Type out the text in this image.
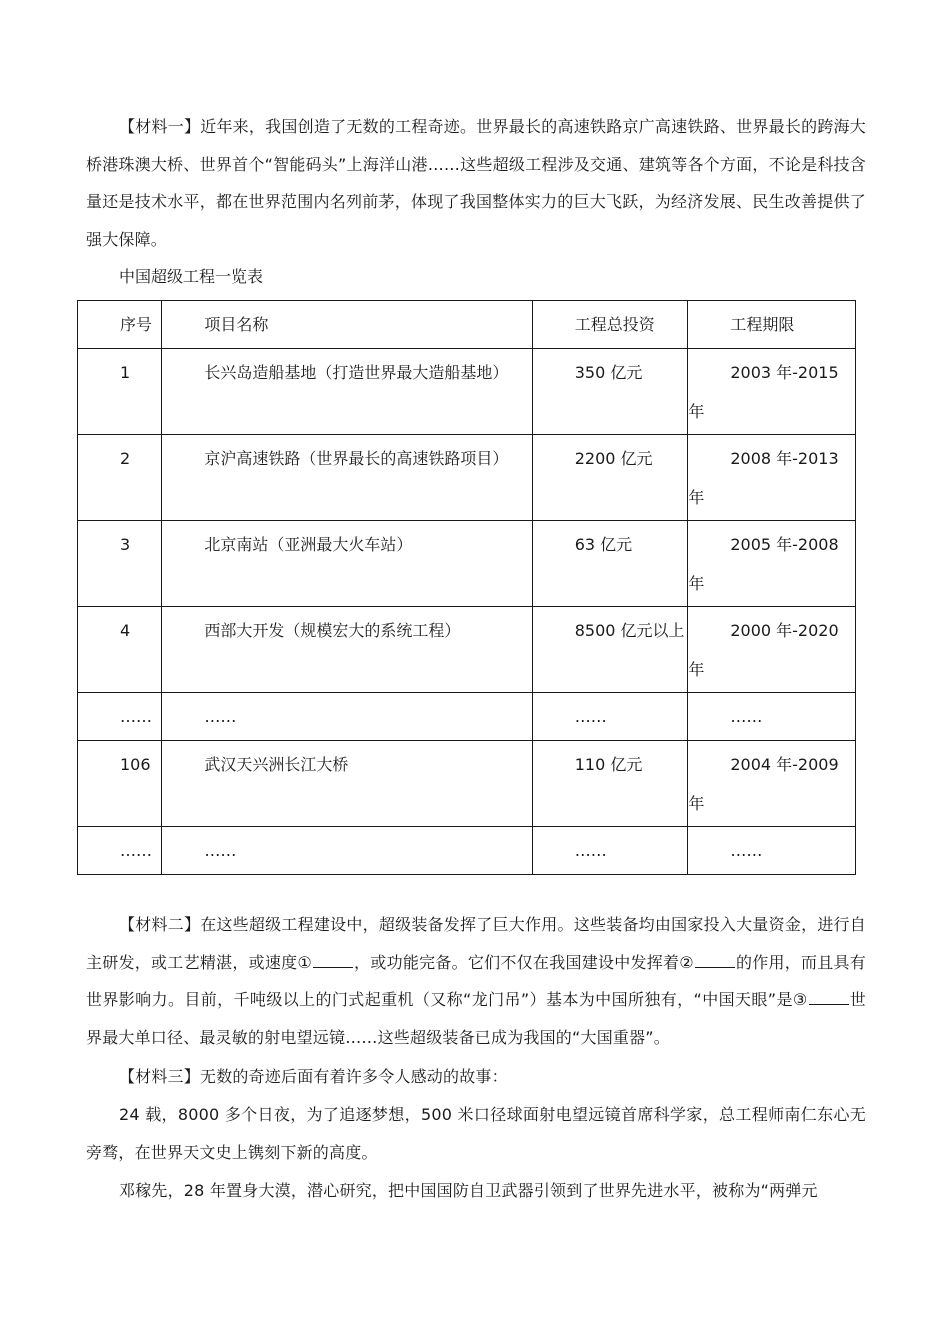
【材料一】近年来，我国创造了无数的工程奇迹。世界最长的高速铁路京广高速铁路、世界最长的跨海大桥港珠澳大桥、世界首个“智能码头”上海洋山港……这些超级工程涉及交通、建筑等各个方面，不论是科技含量还是技术水平，都在世界范围内名列前茅，体现了我国整体实力的巨大飞跃，为经济发展、民生改善提供了强大保障。

中国超级工程一览表

序号	项目名称	工程总投资	工程期限

1	长兴岛造船基地（打造世界最大造船基地）	350 亿元	2003 年-2015 年

2	京沪高速铁路（世界最长的高速铁路项目）	2200 亿元	2008 年-2013 年

3	北京南站（亚洲最大火车站）	63 亿元	2005 年-2008 年

4	西部大开发（规模宏大的系统工程）	8500 亿元以上	2000 年-2020 年

……	……	……	……

106	武汉天兴洲长江大桥	110 亿元	2004 年-2009 年

……	……	……	……

【材料二】在这些超级工程建设中，超级装备发挥了巨大作用。这些装备均由国家投入大量资金，进行自主研发，或工艺精湛，或速度①	，或功能完备。它们不仅在我国建设中发挥着②	的作用，而且具有世界影响力。目前，千吨级以上的门式起重机（又称“龙门吊”）基本为中国所独有，“中国天眼”是③	世界最大单口径、最灵敏的射电望远镜……这些超级装备已成为我国的“大国重器”。

【材料三】无数的奇迹后面有着许多令人感动的故事：

24 载，8000 多个日夜，为了追逐梦想，500 米口径球面射电望远镜首席科学家，总工程师南仁东心无旁骛，在世界天文史上镌刻下新的高度。

邓稼先，28 年置身大漠，潜心研究，把中国国防自卫武器引领到了世界先进水平，被称为“两弹元
